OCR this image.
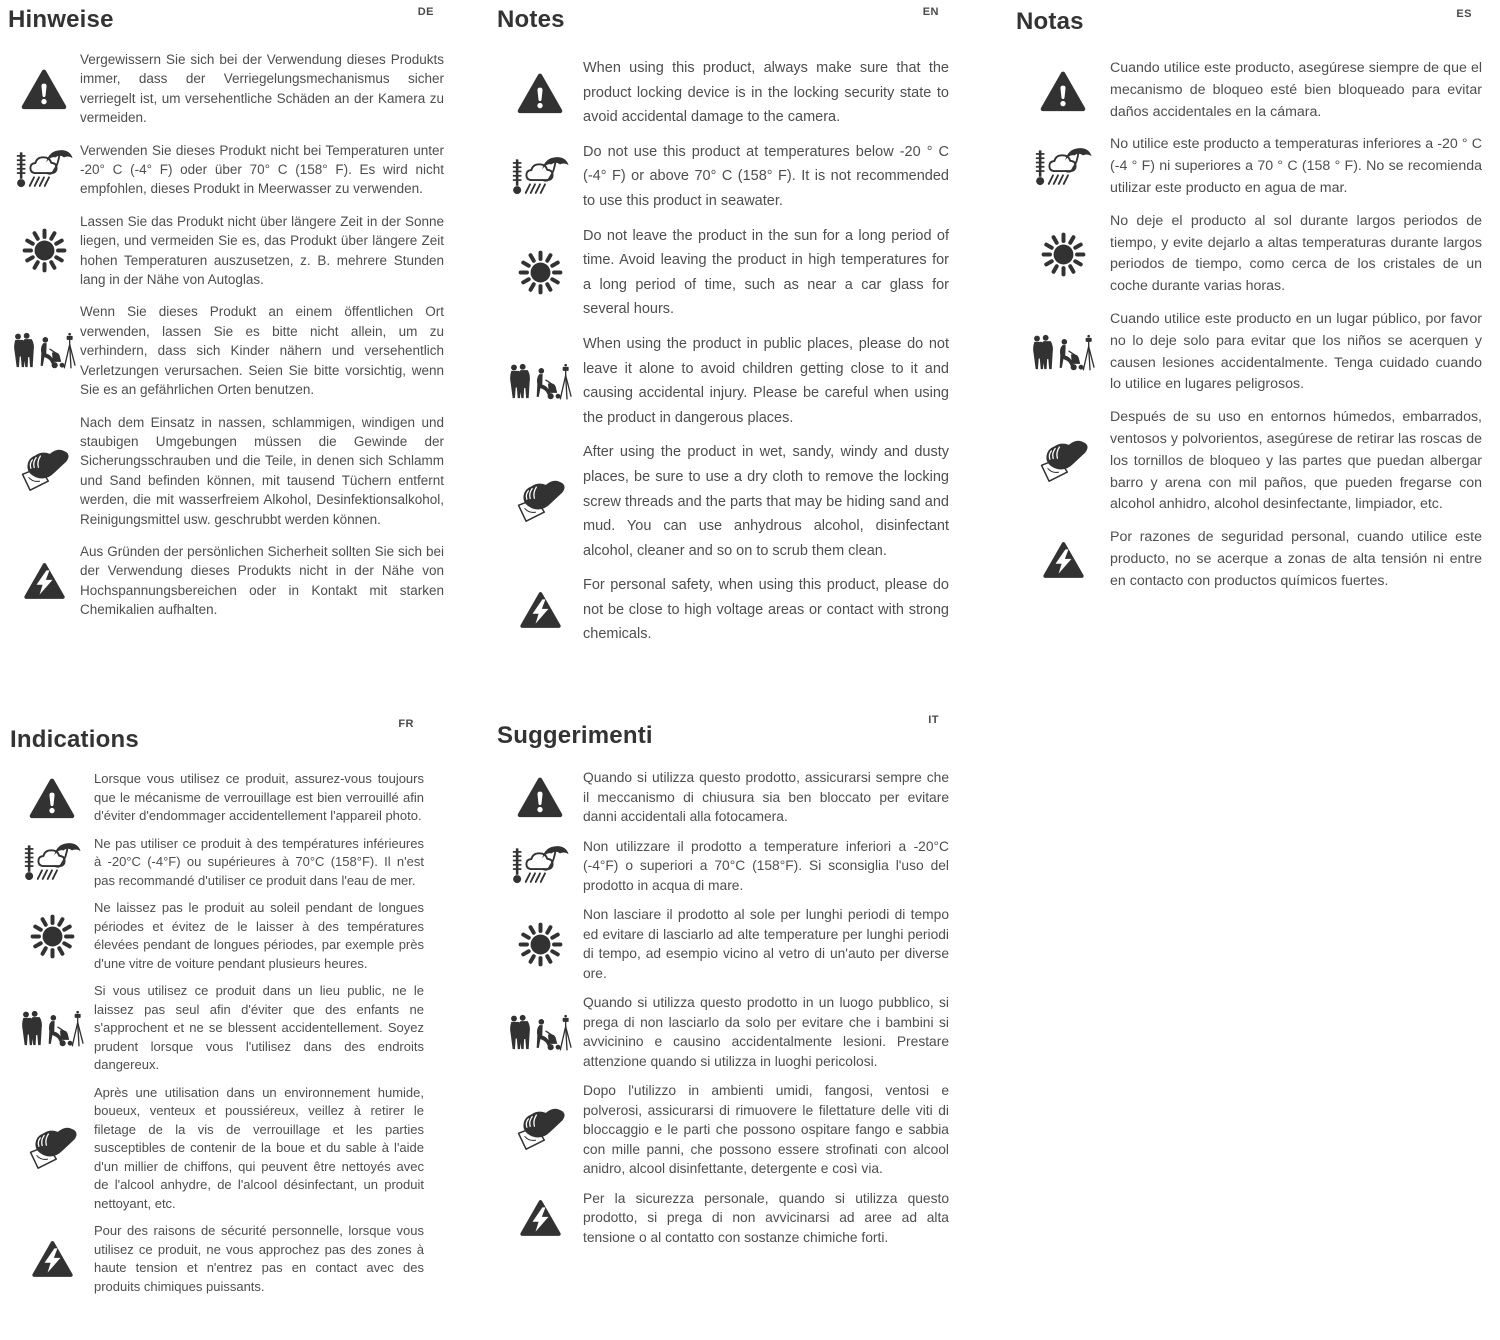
DE
Hinweise

Vergewissern Sie sich bei der Verwendung dieses Produkts immer, dass der Verriegelungsmechanismus sicher verriegelt ist, um versehentliche Schäden an der Kamera zu vermeiden.

Verwenden Sie dieses Produkt nicht bei Temperaturen unter -20° C (-4° F) oder über 70° C (158° F). Es wird nicht empfohlen, dieses Produkt in Meerwasser zu verwenden.

Lassen Sie das Produkt nicht über längere Zeit in der Sonne liegen, und vermeiden Sie es, das Produkt über längere Zeit hohen Temperaturen auszusetzen, z. B. mehrere Stunden lang in der Nähe von Autoglas.

Wenn Sie dieses Produkt an einem öffentlichen Ort verwenden, lassen Sie es bitte nicht allein, um zu verhindern, dass sich Kinder nähern und versehentlich Verletzungen verursachen. Seien Sie bitte vorsichtig, wenn Sie es an gefährlichen Orten benutzen.

Nach dem Einsatz in nassen, schlammigen, windigen und staubigen Umgebungen müssen die Gewinde der Sicherungsschrauben und die Teile, in denen sich Schlamm und Sand befinden können, mit tausend Tüchern entfernt werden, die mit wasserfreiem Alkohol, Desinfektionsalkohol, Reinigungsmittel usw. geschrubbt werden können.

Aus Gründen der persönlichen Sicherheit sollten Sie sich bei der Verwendung dieses Produkts nicht in der Nähe von Hochspannungsbereichen oder in Kontakt mit starken Chemikalien aufhalten.

EN
Notes

When using this product, always make sure that the product locking device is in the locking security state to avoid accidental damage to the camera.

Do not use this product at temperatures below -20 ° C (-4° F) or above 70° C (158° F). It is not recommended to use this product in seawater.

Do not leave the product in the sun for a long period of time. Avoid leaving the product in high temperatures for a long period of time, such as near a car glass for several hours.

When using the product in public places, please do not leave it alone to avoid children getting close to it and causing accidental injury. Please be careful when using the product in dangerous places.

After using the product in wet, sandy, windy and dusty places, be sure to use a dry cloth to remove the locking screw threads and the parts that may be hiding sand and mud. You can use anhydrous alcohol, disinfectant alcohol, cleaner and so on to scrub them clean.

For personal safety, when using this product, please do not be close to high voltage areas or contact with strong chemicals.

ES
Notas

Cuando utilice este producto, asegúrese siempre de que el mecanismo de bloqueo esté bien bloqueado para evitar daños accidentales en la cámara.

No utilice este producto a temperaturas inferiores a -20 ° C (-4 ° F) ni superiores a 70 ° C (158 ° F). No se recomienda utilizar este producto en agua de mar.

No deje el producto al sol durante largos periodos de tiempo, y evite dejarlo a altas temperaturas durante largos periodos de tiempo, como cerca de los cristales de un coche durante varias horas.

Cuando utilice este producto en un lugar público, por favor no lo deje solo para evitar que los niños se acerquen y causen lesiones accidentalmente. Tenga cuidado cuando lo utilice en lugares peligrosos.

Después de su uso en entornos húmedos, embarrados, ventosos y polvorientos, asegúrese de retirar las roscas de los tornillos de bloqueo y las partes que puedan albergar barro y arena con mil paños, que pueden fregarse con alcohol anhidro, alcohol desinfectante, limpiador, etc.

Por razones de seguridad personal, cuando utilice este producto, no se acerque a zonas de alta tensión ni entre en contacto con productos químicos fuertes.

FR
Indications

Lorsque vous utilisez ce produit, assurez-vous toujours que le mécanisme de verrouillage est bien verrouillé afin d'éviter d'endommager accidentellement l'appareil photo.

Ne pas utiliser ce produit à des températures inférieures à -20°C (-4°F) ou supérieures à 70°C (158°F). Il n'est pas recommandé d'utiliser ce produit dans l'eau de mer.

Ne laissez pas le produit au soleil pendant de longues périodes et évitez de le laisser à des températures élevées pendant de longues périodes, par exemple près d'une vitre de voiture pendant plusieurs heures.

Si vous utilisez ce produit dans un lieu public, ne le laissez pas seul afin d'éviter que des enfants ne s'approchent et ne se blessent accidentellement. Soyez prudent lorsque vous l'utilisez dans des endroits dangereux.

Après une utilisation dans un environnement humide, boueux, venteux et poussiéreux, veillez à retirer le filetage de la vis de verrouillage et les parties susceptibles de contenir de la boue et du sable à l'aide d'un millier de chiffons, qui peuvent être nettoyés avec de l'alcool anhydre, de l'alcool désinfectant, un produit nettoyant, etc.

Pour des raisons de sécurité personnelle, lorsque vous utilisez ce produit, ne vous approchez pas des zones à haute tension et n'entrez pas en contact avec des produits chimiques puissants.

IT
Suggerimenti

Quando si utilizza questo prodotto, assicurarsi sempre che il meccanismo di chiusura sia ben bloccato per evitare danni accidentali alla fotocamera.

Non utilizzare il prodotto a temperature inferiori a -20°C (-4°F) o superiori a 70°C (158°F). Si sconsiglia l'uso del prodotto in acqua di mare.

Non lasciare il prodotto al sole per lunghi periodi di tempo ed evitare di lasciarlo ad alte temperature per lunghi periodi di tempo, ad esempio vicino al vetro di un'auto per diverse ore.

Quando si utilizza questo prodotto in un luogo pubblico, si prega di non lasciarlo da solo per evitare che i bambini si avvicinino e causino accidentalmente lesioni. Prestare attenzione quando si utilizza in luoghi pericolosi.

Dopo l'utilizzo in ambienti umidi, fangosi, ventosi e polverosi, assicurarsi di rimuovere le filettature delle viti di bloccaggio e le parti che possono ospitare fango e sabbia con mille panni, che possono essere strofinati con alcool anidro, alcool disinfettante, detergente e così via.

Per la sicurezza personale, quando si utilizza questo prodotto, si prega di non avvicinarsi ad aree ad alta tensione o al contatto con sostanze chimiche forti.
